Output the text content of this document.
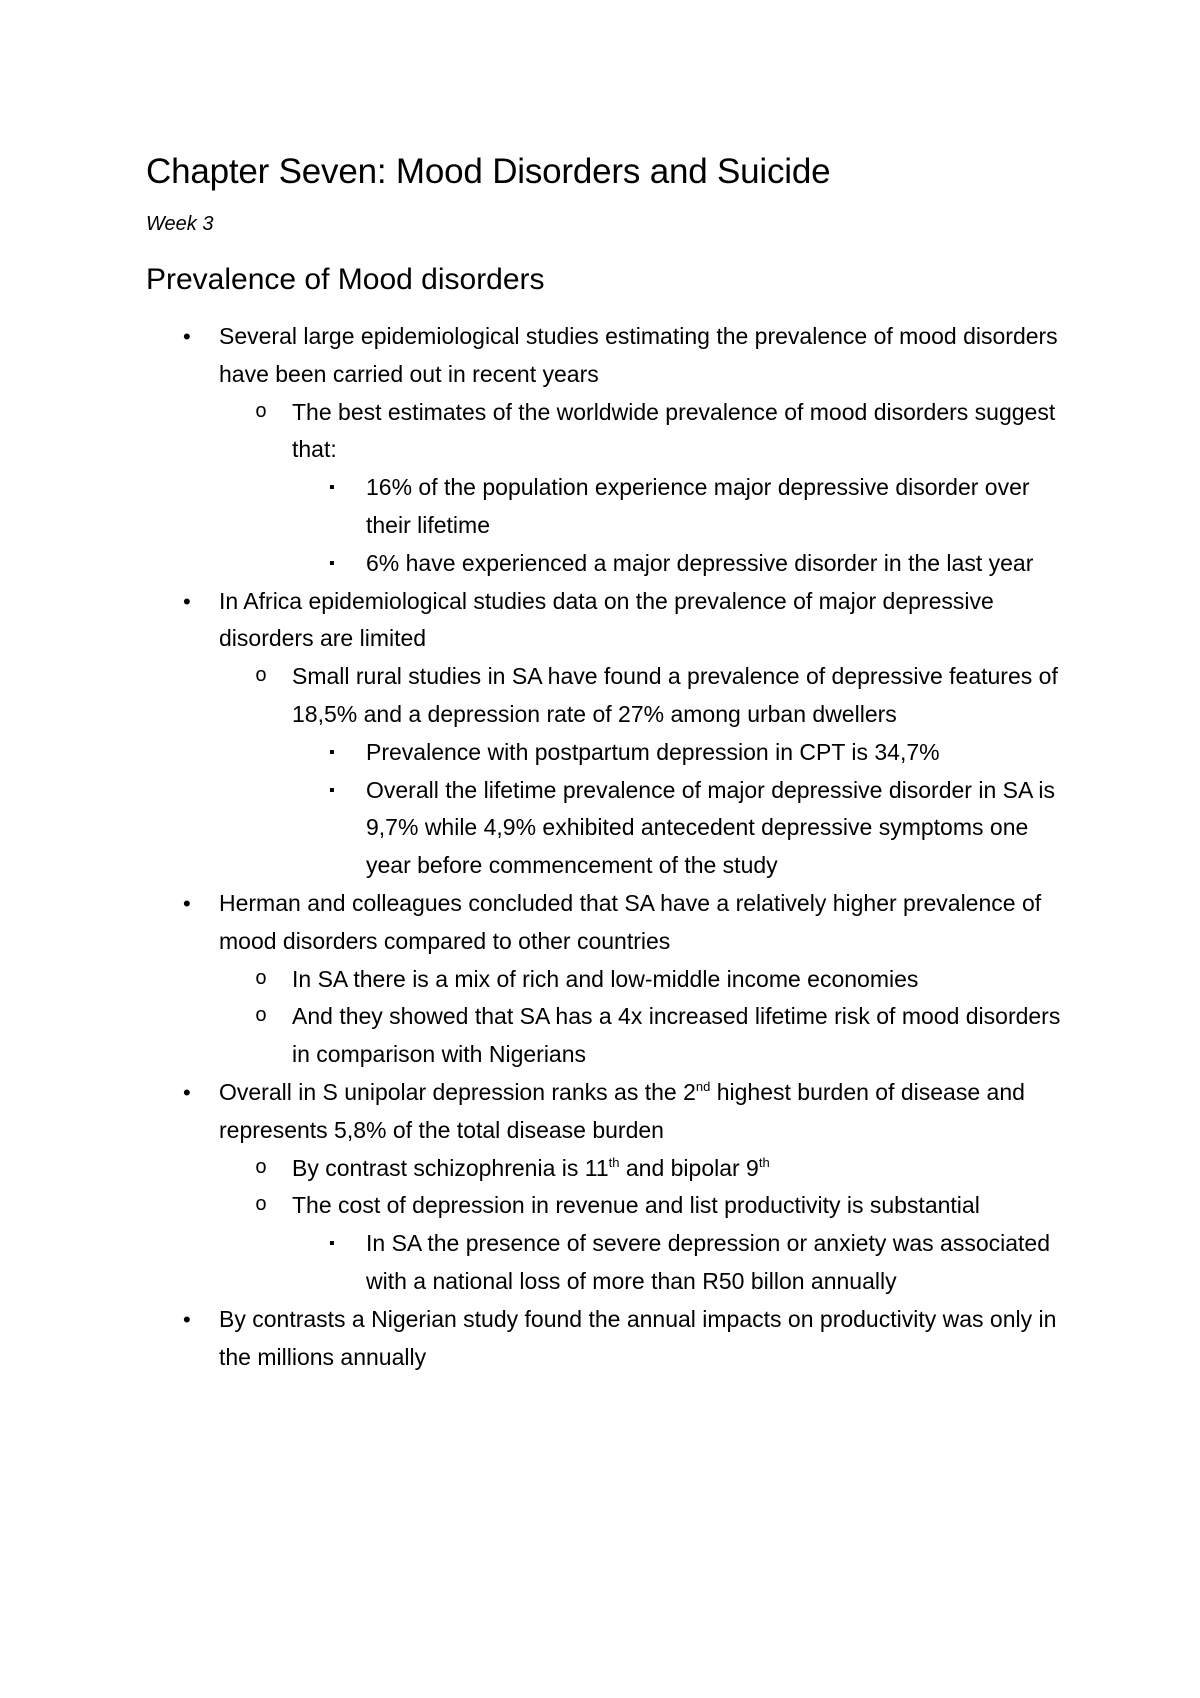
Chapter Seven: Mood Disorders and Suicide
Week 3
Prevalence of Mood disorders
• Several large epidemiological studies estimating the prevalence of mood disorders have been carried out in recent years
o The best estimates of the worldwide prevalence of mood disorders suggest that:
▪ 16% of the population experience major depressive disorder over their lifetime
▪ 6% have experienced a major depressive disorder in the last year
• In Africa epidemiological studies data on the prevalence of major depressive disorders are limited
o Small rural studies in SA have found a prevalence of depressive features of 18,5% and a depression rate of 27% among urban dwellers
▪ Prevalence with postpartum depression in CPT is 34,7%
▪ Overall the lifetime prevalence of major depressive disorder in SA is 9,7% while 4,9% exhibited antecedent depressive symptoms one year before commencement of the study
• Herman and colleagues concluded that SA have a relatively higher prevalence of mood disorders compared to other countries
o In SA there is a mix of rich and low-middle income economies
o And they showed that SA has a 4x increased lifetime risk of mood disorders in comparison with Nigerians
• Overall in S unipolar depression ranks as the 2nd highest burden of disease and represents 5,8% of the total disease burden
o By contrast schizophrenia is 11th and bipolar 9th
o The cost of depression in revenue and list productivity is substantial
▪ In SA the presence of severe depression or anxiety was associated with a national loss of more than R50 billon annually
• By contrasts a Nigerian study found the annual impacts on productivity was only in the millions annually
